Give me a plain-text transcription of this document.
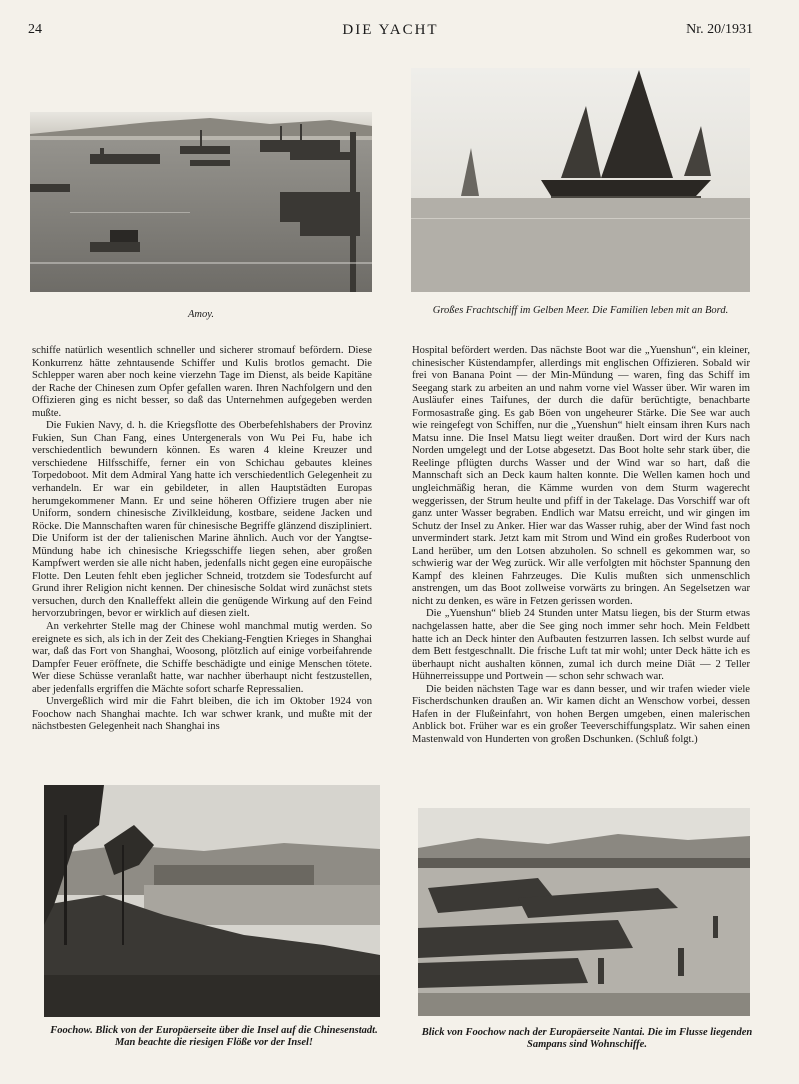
24	DIE YACHT	Nr. 20/1931
Amoy.	Großes Frachtschiff im Gelben Meer. Die Familien leben mit an Bord.

schiffe natürlich wesentlich schneller und sicherer stromauf befördern. Diese Konkurrenz hätte zehntausende Schiffer und Kulis brotlos gemacht. Die Schlepper waren aber noch keine vierzehn Tage im Dienst, als beide Kapitäne der Rache der Chinesen zum Opfer gefallen waren. Ihren Nachfolgern und den Offizieren ging es nicht besser, so daß das Unternehmen aufgegeben werden mußte.

Die Fukien Navy, d. h. die Kriegsflotte des Oberbefehlshabers der Provinz Fukien, Sun Chan Fang, eines Untergenerals von Wu Pei Fu, habe ich verschiedentlich bewundern können. Es waren 4 kleine Kreuzer und verschiedene Hilfsschiffe, ferner ein von Schichau gebautes kleines Torpedoboot. Mit dem Admiral Yang hatte ich verschiedentlich Gelegenheit zu verhandeln. Er war ein gebildeter, in allen Hauptstädten Europas herumgekommener Mann. Er und seine höheren Offiziere trugen aber nie Uniform, sondern chinesische Zivilkleidung, kostbare, seidene Jacken und Röcke. Die Mannschaften waren für chinesische Begriffe glänzend diszipliniert. Die Uniform ist der der talienischen Marine ähnlich. Auch vor der Yangtse-Mündung habe ich chinesische Kriegsschiffe liegen sehen, aber großen Kampfwert werden sie alle nicht haben, jedenfalls nicht gegen eine europäische Flotte. Den Leuten fehlt eben jeglicher Schneid, trotzdem sie Todesfurcht auf Grund ihrer Religion nicht kennen. Der chinesische Soldat wird zunächst stets versuchen, durch den Knalleffekt allein die genügende Wirkung auf den Feind hervorzubringen, bevor er wirklich auf diesen zielt.

An verkehrter Stelle mag der Chinese wohl manchmal mutig werden. So ereignete es sich, als ich in der Zeit des Chekiang-Fengtien Krieges in Shanghai war, daß das Fort von Shanghai, Woosong, plötzlich auf einige vorbeifahrende Dampfer Feuer eröffnete, die Schiffe beschädigte und einige Menschen tötete. Wer diese Schüsse veranlaßt hatte, war nachher überhaupt nicht festzustellen, aber jedenfalls ergriffen die Mächte sofort scharfe Repressalien.

Unvergeßlich wird mir die Fahrt bleiben, die ich im Oktober 1924 von Foochow nach Shanghai machte. Ich war schwer krank, und mußte mit der nächstbesten Gelegenheit nach Shanghai ins

Hospital befördert werden. Das nächste Boot war die „Yuenshun“, ein kleiner, chinesischer Küstendampfer, allerdings mit englischen Offizieren. Sobald wir frei von Banana Point — der Min-Mündung — waren, fing das Schiff im Seegang stark zu arbeiten an und nahm vorne viel Wasser über. Wir waren im Ausläufer eines Taifunes, der durch die dafür berüchtigte, benachbarte Formosastraße ging. Es gab Böen von ungeheurer Stärke. Die See war auch wie reingefegt von Schiffen, nur die „Yuenshun“ hielt einsam ihren Kurs nach Matsu inne. Die Insel Matsu liegt weiter draußen. Dort wird der Kurs nach Norden umgelegt und der Lotse abgesetzt. Das Boot holte sehr stark über, die Reelinge pflügten durchs Wasser und der Wind war so hart, daß die Mannschaft sich an Deck kaum halten konnte. Die Wellen kamen hoch und ungleichmäßig heran, die Kämme wurden von dem Sturm wagerecht weggerissen, der Strum heulte und pfiff in der Takelage. Das Vorschiff war oft ganz unter Wasser begraben. Endlich war Matsu erreicht, und wir gingen im Schutz der Insel zu Anker. Hier war das Wasser ruhig, aber der Wind fast noch unvermindert stark. Jetzt kam mit Strom und Wind ein großes Ruderboot von Land herüber, um den Lotsen abzuholen. So schnell es gekommen war, so schwierig war der Weg zurück. Wir alle verfolgten mit höchster Spannung den Kampf des kleinen Fahrzeuges. Die Kulis mußten sich unmenschlich anstrengen, um das Boot zollweise vorwärts zu bringen. An Segelsetzen war nicht zu denken, es wäre in Fetzen gerissen worden.

Die „Yuenshun“ blieb 24 Stunden unter Matsu liegen, bis der Sturm etwas nachgelassen hatte, aber die See ging noch immer sehr hoch. Mein Feldbett hatte ich an Deck hinter den Aufbauten festzurren lassen. Ich selbst wurde auf dem Bett festgeschnallt. Die frische Luft tat mir wohl; unter Deck hätte ich es überhaupt nicht aushalten können, zumal ich durch meine Diät — 2 Teller Hühnerreissuppe und Portwein — schon sehr schwach war.

Die beiden nächsten Tage war es dann besser, und wir trafen wieder viele Fischerdschunken draußen an. Wir kamen dicht an Wenschow vorbei, dessen Hafen in der Flußeinfahrt, von hohen Bergen umgeben, einen malerischen Anblick bot. Früher war es ein großer Teeverschiffungsplatz. Wir sahen einen Mastenwald von Hunderten von großen Dschunken. (Schluß folgt.)

Foochow. Blick von der Europäerseite über die Insel auf die Chinesenstadt. Man beachte die riesigen Flöße vor der Insel!
Blick von Foochow nach der Europäerseite Nantai. Die im Flusse liegenden Sampans sind Wohnschiffe.
